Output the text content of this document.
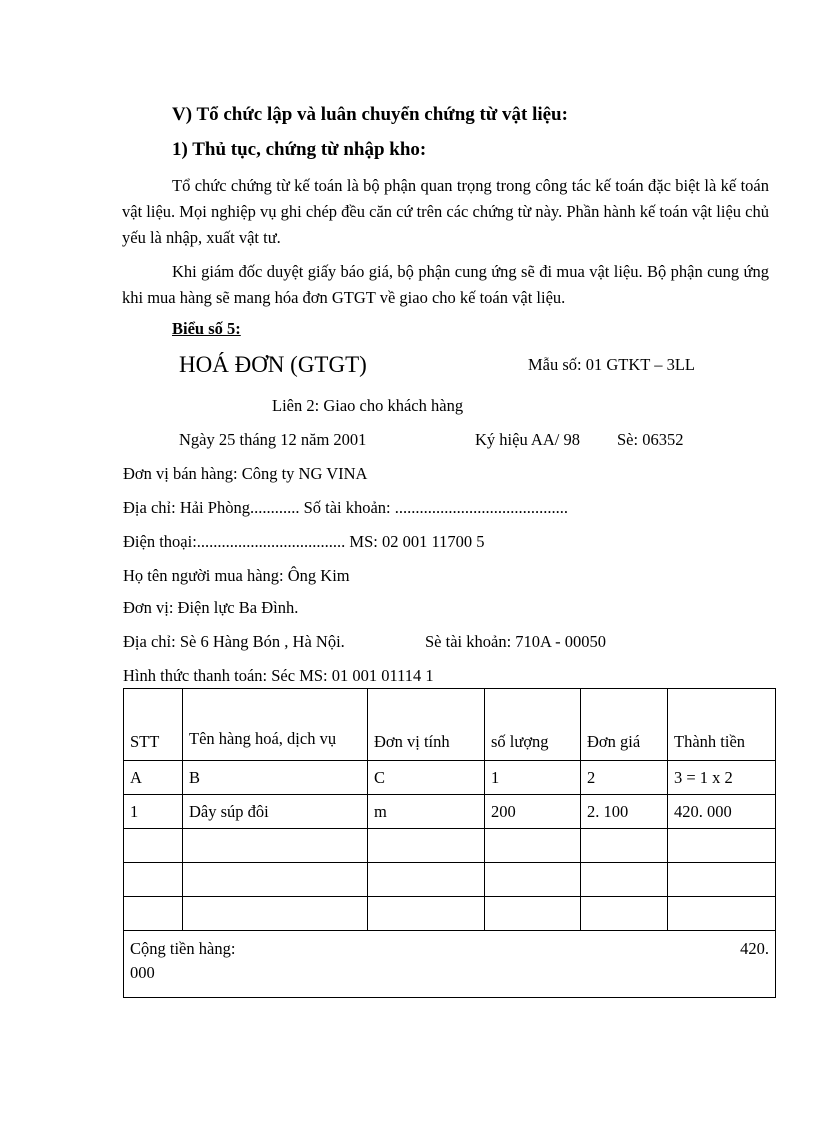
V) Tổ chức lập và luân chuyển chứng từ vật liệu:
1) Thủ tục, chứng từ nhập kho:

Tổ chức chứng từ kế toán là bộ phận quan trọng trong công tác kế toán đặc biệt là kế toán vật liệu. Mọi nghiệp vụ ghi chép đều căn cứ trên các chứng từ này. Phần hành kế toán vật liệu chủ yếu là nhập, xuất vật tư.

Khi giám đốc duyệt giấy báo giá, bộ phận cung ứng sẽ đi mua vật liệu. Bộ phận cung ứng khi mua hàng sẽ mang hóa đơn GTGT về giao cho kế toán vật liệu.

Biểu số 5:
HOÁ ĐƠN (GTGT)	Mẫu số: 01 GTKT – 3LL
Liên 2: Giao cho khách hàng
Ngày 25 tháng 12 năm 2001	Ký hiệu AA/ 98 Sè: 06352
Đơn vị bán hàng: Công ty NG VINA
Địa chỉ: Hải Phòng............ Số tài khoản: ..........................................
Điện thoại:.................................... MS: 02 001 11700 5
Họ tên người mua hàng: Ông Kim
Đơn vị: Điện lực Ba Đình.
Địa chỉ: Sè 6 Hàng Bón , Hà Nội.	Sè tài khoản: 710A - 00050
Hình thức thanh toán: Séc MS: 01 001 01114 1
STT	Tên hàng hoá, dịch vụ	Đơn vị tính	số lượng	Đơn giá	Thành tiền
A	B	C	1	2	3 = 1 x 2
1	Dây súp đôi	m	200	2. 100	420. 000

Cộng tiền hàng: 420.
000					
